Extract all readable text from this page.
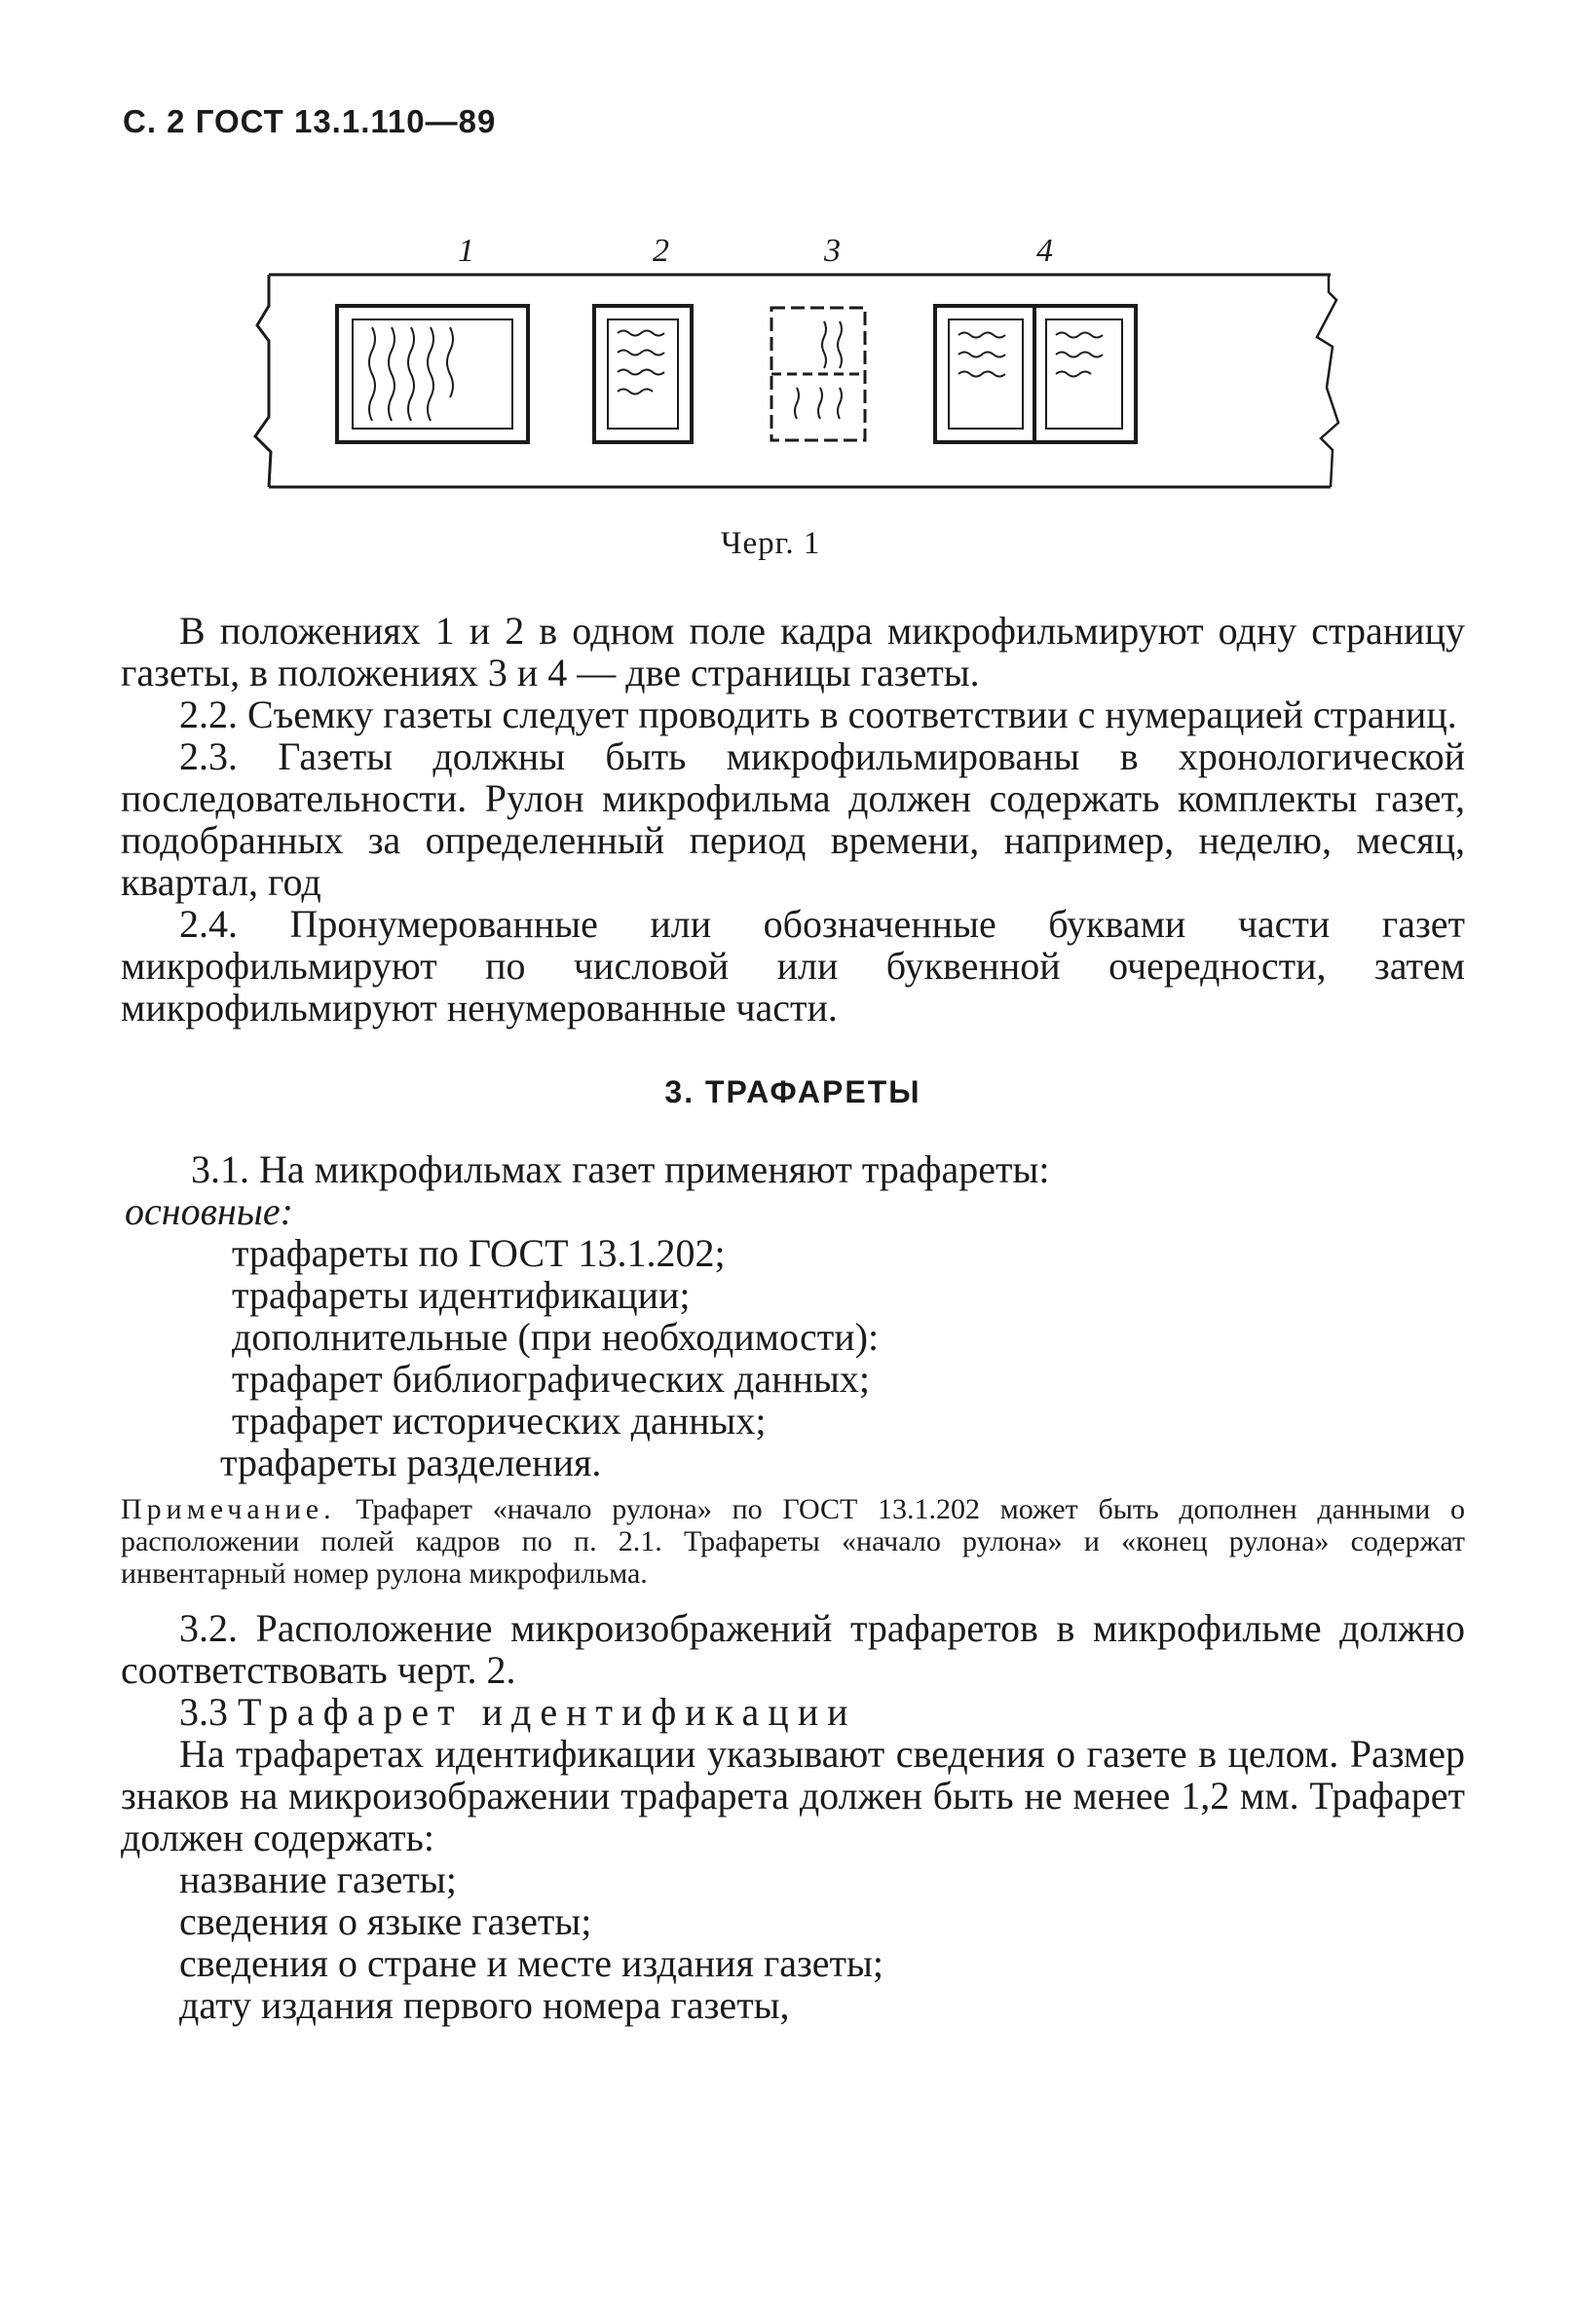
С. 2 ГОСТ 13.1.110—89
1	2	3	4
Черг. 1

В положениях 1 и 2 в одном поле кадра микрофильмируют одну страницу газеты, в положениях 3 и 4 — две страницы газеты.

2.2. Съемку газеты следует проводить в соответствии с нумерацией страниц.

2.3. Газеты должны быть микрофильмированы в хронологической последовательности. Рулон микрофильма должен содержать комплекты газет, подобранных за определенный период времени, например, неделю, месяц, квартал, год

2.4. Пронумерованные или обозначенные буквами части газет микрофильмируют по числовой или буквенной очередности, затем микрофильмируют ненумерованные части.

3. ТРАФАРЕТЫ
3.1. На микрофильмах газет применяют трафареты:
основные:
трафареты по ГОСТ 13.1.202;
трафареты идентификации;
дополнительные (при необходимости):
трафарет библиографических данных;
трафарет исторических данных;
трафареты разделения.

Примечание. Трафарет «начало рулона» по ГОСТ 13.1.202 может быть дополнен данными о расположении полей кадров по п. 2.1. Трафареты «начало рулона» и «конец рулона» содержат инвентарный номер рулона микрофильма.

3.2. Расположение микроизображений трафаретов в микрофильме должно соответствовать черт. 2.

3.3 Трафарет идентификации

На трафаретах идентификации указывают сведения о газете в целом. Размер знаков на микроизображении трафарета должен быть не менее 1,2 мм. Трафарет должен содержать:

название газеты;
сведения о языке газеты;
сведения о стране и месте издания газеты;
дату издания первого номера газеты,
